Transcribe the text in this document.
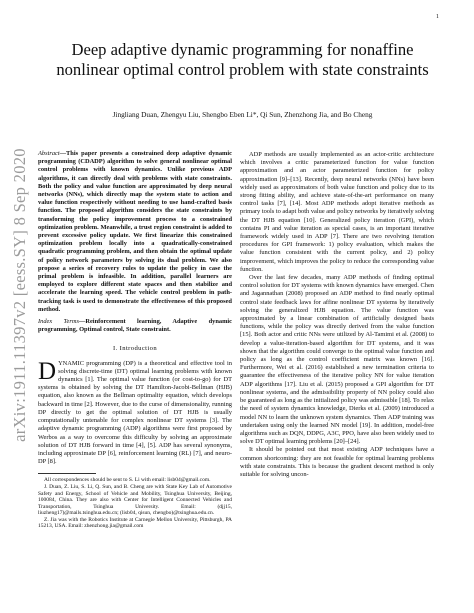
1
arXiv:1911.11397v2 [eess.SY] 8 Sep 2020
Deep adaptive dynamic programming for nonaffine nonlinear optimal control problem with state constraints
Jingliang Duan, Zhengyu Liu, Shengbo Eben Li*, Qi Sun, Zhenzhong Jia, and Bo Cheng

Abstract—This paper presents a constrained deep adaptive dynamic programming (CDADP) algorithm to solve general nonlinear optimal control problems with known dynamics. Unlike previous ADP algorithms, it can directly deal with problems with state constraints. Both the policy and value function are approximated by deep neural networks (NNs), which directly map the system state to action and value function respectively without needing to use hand-crafted basis function. The proposed algorithm considers the state constraints by transforming the policy improvement process to a constrained optimization problem. Meanwhile, a trust region constraint is added to prevent excessive policy update. We first linearize this constrained optimization problem locally into a quadratically-constrained quadratic programming problem, and then obtain the optimal update of policy network parameters by solving its dual problem. We also propose a series of recovery rules to update the policy in case the primal problem is infeasible. In addition, parallel learners are employed to explore different state spaces and then stabilize and accelerate the learning speed. The vehicle control problem in path-tracking task is used to demonstrate the effectiveness of this proposed method.

Index Terms—Reinforcement learning, Adaptive dynamic programming, Optimal control, State constraint.

I. Introduction

DYNAMIC programming (DP) is a theoretical and effective tool in solving discrete-time (DT) optimal learning problems with known dynamics [1]. The optimal value function (or cost-to-go) for DT systems is obtained by solving the DT Hamilton-Jacobi-Bellman (HJB) equation, also known as the Bellman optimality equation, which develops backward in time [2]. However, due to the curse of dimensionality, running DP directly to get the optimal solution of DT HJB is usually computationally untenable for complex nonlinear DT systems [3]. The adaptive dynamic programming (ADP) algorithms were first proposed by Werbos as a way to overcome this difficulty by solving an approximate solution of DT HJB forward in time [4], [5]. ADP has several synonyms, including approximate DP [6], reinforcement learning (RL) [7], and neuro-DP [8].

All correspondences should be sent to S. Li with email: lisb04@gmail.com.

J. Duan, Z. Liu, S. Li, Q. Sun, and B. Cheng are with State Key Lab of Automotive Safety and Energy, School of Vehicle and Mobility, Tsinghua University, Beijing, 100084, China. They are also with Center for Intelligent Connected Vehicles and Transportation, Tsinghua University. Email: (djj15, liuzheng17)@mails.tsinghua.edu.cn; (lisb04, qisun, chengbo)@tsinghua.edu.cn.

Z. Jia was with the Robotics Institute at Carnegie Mellon University, Pittsburgh, PA 15213, USA. Email: zhenzhong.jia@gmail.com

ADP methods are usually implemented as an actor-critic architecture which involves a critic parameterized function for value function approximation and an actor parameterized function for policy approximation [9]–[13]. Recently, deep neural networks (NNs) have been widely used as approximators of both value function and policy due to its strong fitting ability, and achieve state-of-the-art performance on many control tasks [7], [14]. Most ADP methods adopt iterative methods as primary tools to adapt both value and policy networks by iteratively solving the DT HJB equation [10]. Generalized policy iteration (GPI), which contains PI and value iteration as special cases, is an important iterative framework widely used in ADP [7]. There are two revolving iteration procedures for GPI framework: 1) policy evaluation, which makes the value function consistent with the current policy, and 2) policy improvement, which improves the policy to reduce the corresponding value function.

Over the last few decades, many ADP methods of finding optimal control solution for DT systems with known dynamics have emerged. Chen and Jagannathan (2008) proposed an ADP method to find nearly optimal control state feedback laws for affine nonlinear DT systems by iteratively solving the generalized HJB equation. The value function was approximated by a linear combination of artificially designed basis functions, while the policy was directly derived from the value function [15]. Both actor and critic NNs were utilized by Al-Tamimi et al. (2008) to develop a value-iteration-based algorithm for DT systems, and it was shown that the algorithm could converge to the optimal value function and policy as long as the control coefficient matrix was known [16]. Furthermore, Wei et al. (2016) established a new termination criteria to guarantee the effectiveness of the iterative policy NN for value iteration ADP algorithms [17]. Liu et al. (2015) proposed a GPI algorithm for DT nonlinear systems, and the admissibility property of NN policy could also be guaranteed as long as the initialized policy was admissible [18]. To relax the need of system dynamics knowledge, Dierks et al. (2009) introduced a model NN to learn the unknown system dynamics. Then ADP training was undertaken using only the learned NN model [19]. In addition, model-free algorithms such as DQN, DDPG, A3C, PPO, have also been widely used to solve DT optimal learning problems [20]–[24].

It should be pointed out that most existing ADP techniques have a common shortcoming: they are not feasible for optimal learning problems with state constraints. This is because the gradient descent method is only suitable for solving uncon-
